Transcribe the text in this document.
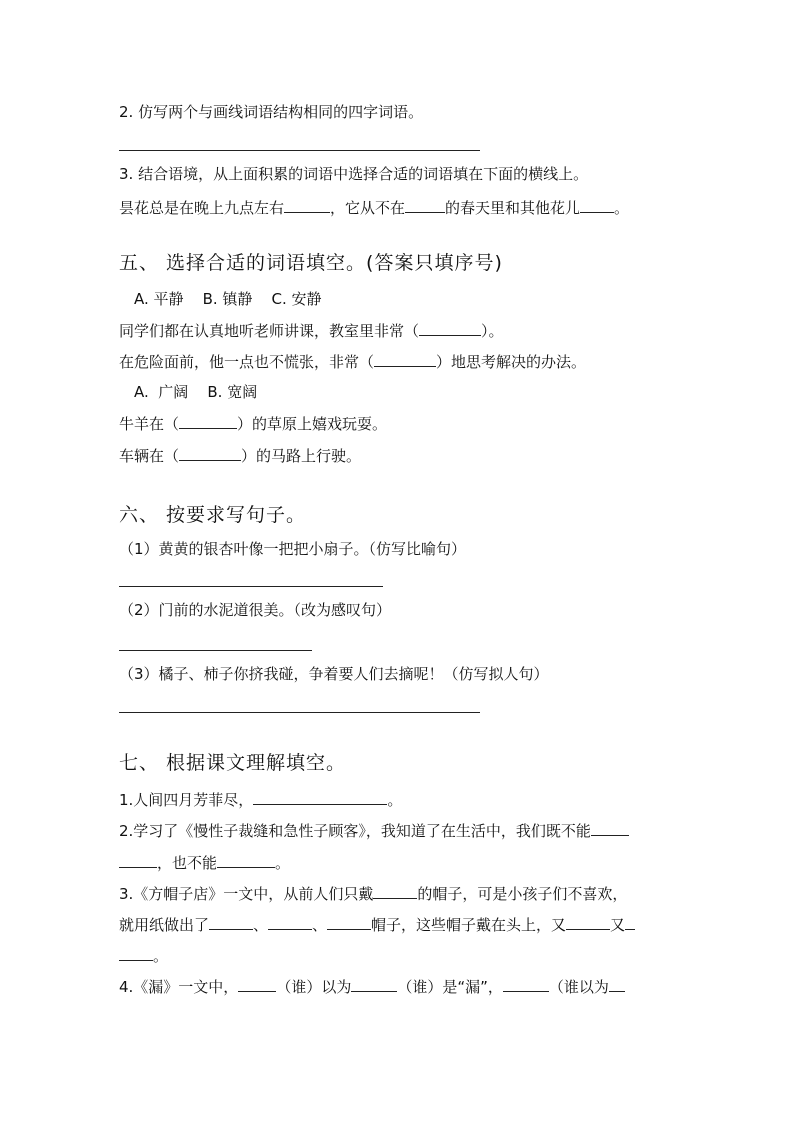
2. 仿写两个与画线词语结构相同的四字词语。
3. 结合语境，从上面积累的词语中选择合适的词语填在下面的横线上。
昙花总是在晚上九点左右	，它从不在	的春天里和其他花儿 。
五、 选择合适的词语填空。(答案只填序号)
A. 平静    B. 镇静    C. 安静
同学们都在认真地听老师讲课，教室里非常（	）。
在危险面前，他一点也不慌张，非常（	）地思考解决的办法。
A.  广阔    B. 宽阔
牛羊在（	）的草原上嬉戏玩耍。
车辆在（	）的马路上行驶。
六、 按要求写句子。
（1）黄黄的银杏叶像一把把小扇子。（仿写比喻句）
（2）门前的水泥道很美。（改为感叹句）
（3）橘子、柿子你挤我碰，争着要人们去摘呢！（仿写拟人句）
七、 根据课文理解填空。
1.人间四月芳菲尽，	。
2.学习了《慢性子裁缝和急性子顾客》，我知道了在生活中，我们既不能
，也不能	。
3.《方帽子店》一文中，从前人们只戴	的帽子，可是小孩子们不喜欢，
就用纸做出了	、	、	帽子，这些帽子戴在头上，又	又
。
4.《漏》一文中，	（谁）以为	（谁）是“漏”，	（谁以为
